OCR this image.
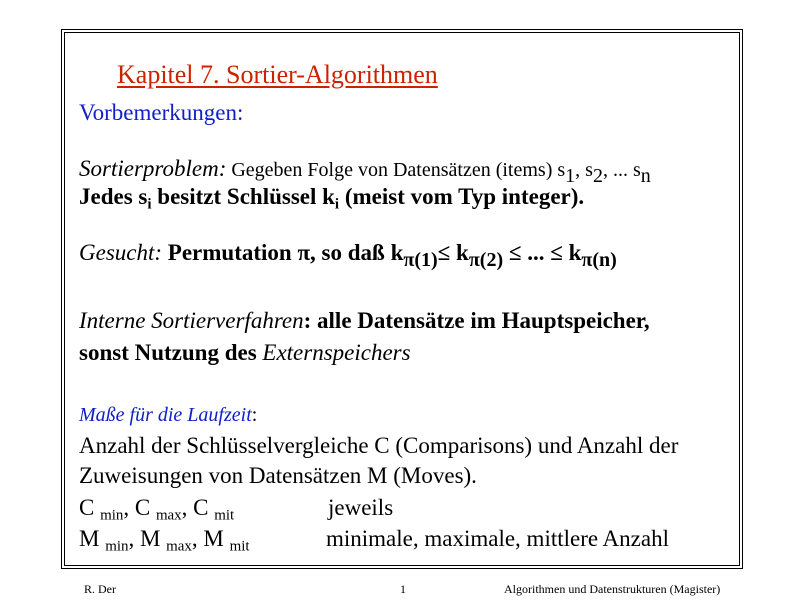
Kapitel 7. Sortier-Algorithmen
Vorbemerkungen:
Sortierproblem: Gegeben Folge von Datensätzen (items) $s_1$, $s_2$, ... $s_n$
Jedes $s_i$ besitzt Schlüssel $k_i$ (meist vom Typ integer).
Gesucht: Permutation π, so daß $k_{\pi(1)}\le k_{\pi(2)}$ ≤ ... ≤ $k_{\pi(n)}$
Interne Sortierverfahren: alle Datensätze im Hauptspeicher,
sonst Nutzung des Externspeichers
Maße für die Laufzeit:
Anzahl der Schlüsselvergleiche C (Comparisons) und Anzahl der
Zuweisungen von Datensätzen M (Moves).
C $_{min}$, C $_{max}$, C $_{mit}$	jeweils
M $_{min}$, M $_{max}$, M $_{mit}$	minimale, maximale, mittlere Anzahl
R. Der	1	Algorithmen und Datenstrukturen (Magister)
